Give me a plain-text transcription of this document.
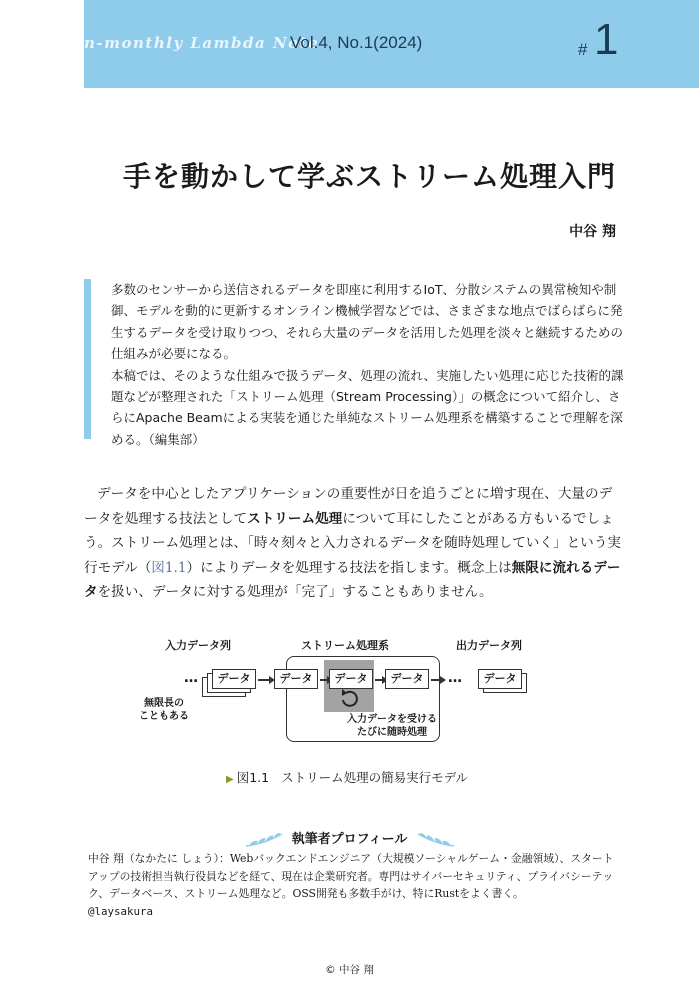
n-monthly Lambda Note
Vol.4, No.1(2024)	# 1
手を動かして学ぶストリーム処理入門
中谷 翔

多数のセンサーから送信されるデータを即座に利用するIoT、分散システムの異常検知や制御、モデルを動的に更新するオンライン機械学習などでは、さまざまな地点でばらばらに発生するデータを受け取りつつ、それら大量のデータを活用した処理を淡々と継続するための仕組みが必要になる。

本稿では、そのような仕組みで扱うデータ、処理の流れ、実施したい処理に応じた技術的課題などが整理された「ストリーム処理（Stream Processing）」の概念について紹介し、さらにApache Beamによる実装を通じた単純なストリーム処理系を構築することで理解を深める。（編集部）

データを中心としたアプリケーションの重要性が日を追うごとに増す現在、大量のデータを処理する技法としてストリーム処理について耳にしたことがある方もいるでしょう。ストリーム処理とは、「時々刻々と入力されるデータを随時処理していく」という実行モデル（図1.1）によりデータを処理する技法を指します。概念上は無限に流れるデータを扱い、データに対する処理が「完了」することもありません。

入力データ列	ストリーム処理系	出力データ列
データ
…	データ	データ	データ	…	データ
無限長の
こともある	入力データを受ける
たびに随時処理
▶ 図1.1 ストリーム処理の簡易実行モデル
執筆者プロフィール

中谷 翔（なかたに しょう）：Webバックエンドエンジニア（大規模ソーシャルゲーム・金融領域）、スタートアップの技術担当執行役員などを経て、現在は企業研究者。専門はサイバーセキュリティ、プライバシーテック、データベース、ストリーム処理など。OSS開発も多数手がけ、特にRustをよく書く。
@laysakura

© 中谷 翔
